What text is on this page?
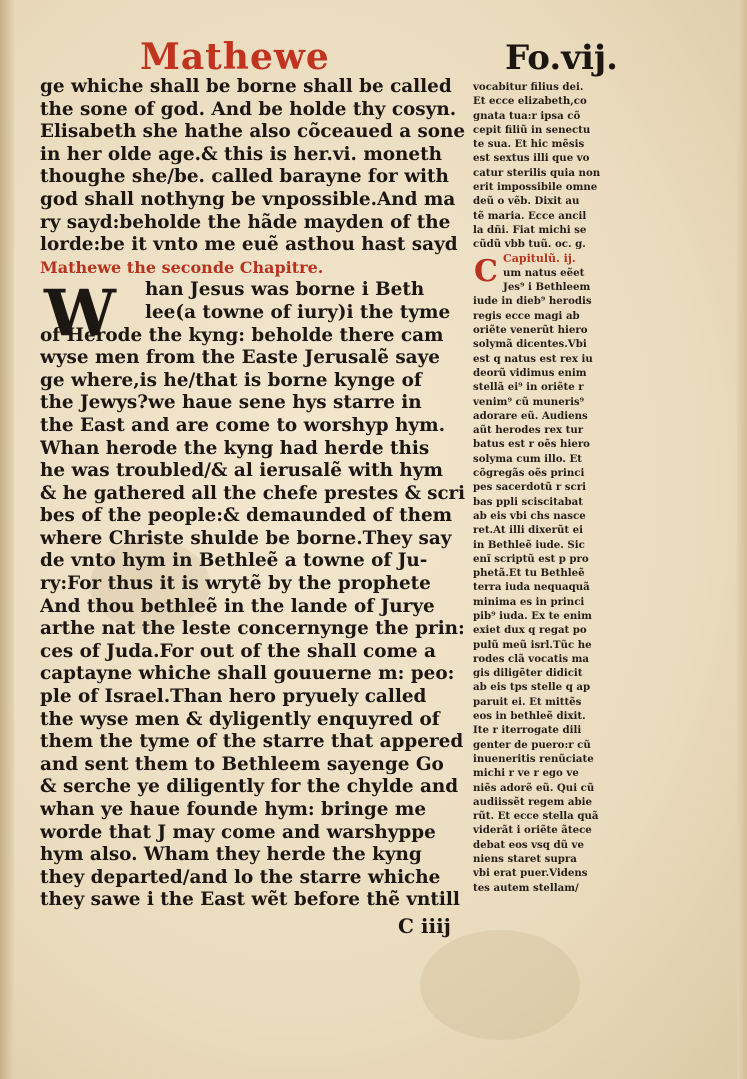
Mathewe	Fo.vij.
ge whiche shall be borne shall be called
the sone of god. And be holde thy cosyn.
Elisabeth she hathe also cõceaued a sone
in her olde age.& this is her.vi. moneth
thoughe she/be. called baraynе for with
god shall nothyng be vnpossible.And ma
ry sayd:beholde the hãde mayden of the
lorde:be it vnto me euẽ asthou hast sayd
Mathewe the seconde Chapitre.
han Jesus was borne i Beth
lee(a towne of iury)i the tyme
of Herode the kyng: beholde there cam
wyse men from the Easte Jerusalẽ saye
ge where,is he/that is borne kynge of
the Jewys?we haue sene hys starre in
the East and are come to worshyp hym.
Whan herode the kyng had herde this
he was troubled/& al ierusalẽ with hym
& he gathered all the chefe prestes & scri
bes of the people:& demaunded of them
where Christe shulde be borne.They say
de vnto hym in Bethleẽ a towne of Ju-
ry:For thus it is wrytẽ by the prophete
And thou bethleẽ in the lande of Jurye
arthe nat the leste concernynge the prin:
ces of Juda.For out of the shall come a
captayne whiche shall gouuerne m: peo:
ple of Israel.Than hero pryuely called
the wyse men & dyligently enquyred of
them the tyme of the starre that appered
and sent them to Bethleem sayenge Go
& serche ye diligently for the chylde and
whan ye haue founde hym: bringe me
worde that J may come and warshyppe
hym also. Wham they herde the kyng
they departed/and lo the starre whiche
they sawe i the East wẽt before thẽ vntill
W
vocabitur filius dei.
Et ecce elizabeth,co
gnata tua:r ipsa cõ
cepit filiũ in senectu
te sua. Et hic mẽsis
est sextus illi que vo
catur sterilis quia non
erit impossibile omne
deũ o vẽb. Dixit au
tẽ maria. Ecce ancil
la dñi. Fiat michi se
cũdũ vbb tuũ. oc. g.
Capitulũ. ij.
um natus eẽet
Jes⁹ i Bethleem
iude in dieb⁹ herodis
regis ecce magi ab
oriẽte venerũt hiero
solymã dicentes.Vbi
est q natus est rex iu
deorũ vidimus enim
stellã ei⁹ in oriẽte r
venim⁹ cũ muneris⁹
adorare eũ. Audiens
aũt herodes rex tur
batus est r oẽs hiero
solyma cum illo. Et
cõgregãs oẽs princi
pes sacerdotũ r scri
bas ppli sciscitabat
ab eis vbi chs nasce
ret.At illi dixerũt ei
in Bethleẽ iude. Sic
enĩ scriptũ est p pro
phetã.Et tu Bethleẽ
terra iuda nequaquã
minima es in princi
pib⁹ iuda. Ex te enim
exiet dux q regat po
pulũ meũ isrl.Tũc he
rodes clã vocatis ma
gis diligẽter didicit
ab eis tps stelle q ap
paruit ei. Et mittẽs
eos in bethleẽ dixit.
Ite r iterrogate dili
genter de puero:r cũ
inueneritis renũciate
michi r ve r ego ve
niẽs adorẽ eũ. Qui cũ
audiissẽt regem abie
rũt. Et ecce stella quã
viderãt i oriẽte ãtece
debat eos vsq dũ ve
niens staret supra
vbi erat puer.Videns
tes autem stellam/
C
C iiij
